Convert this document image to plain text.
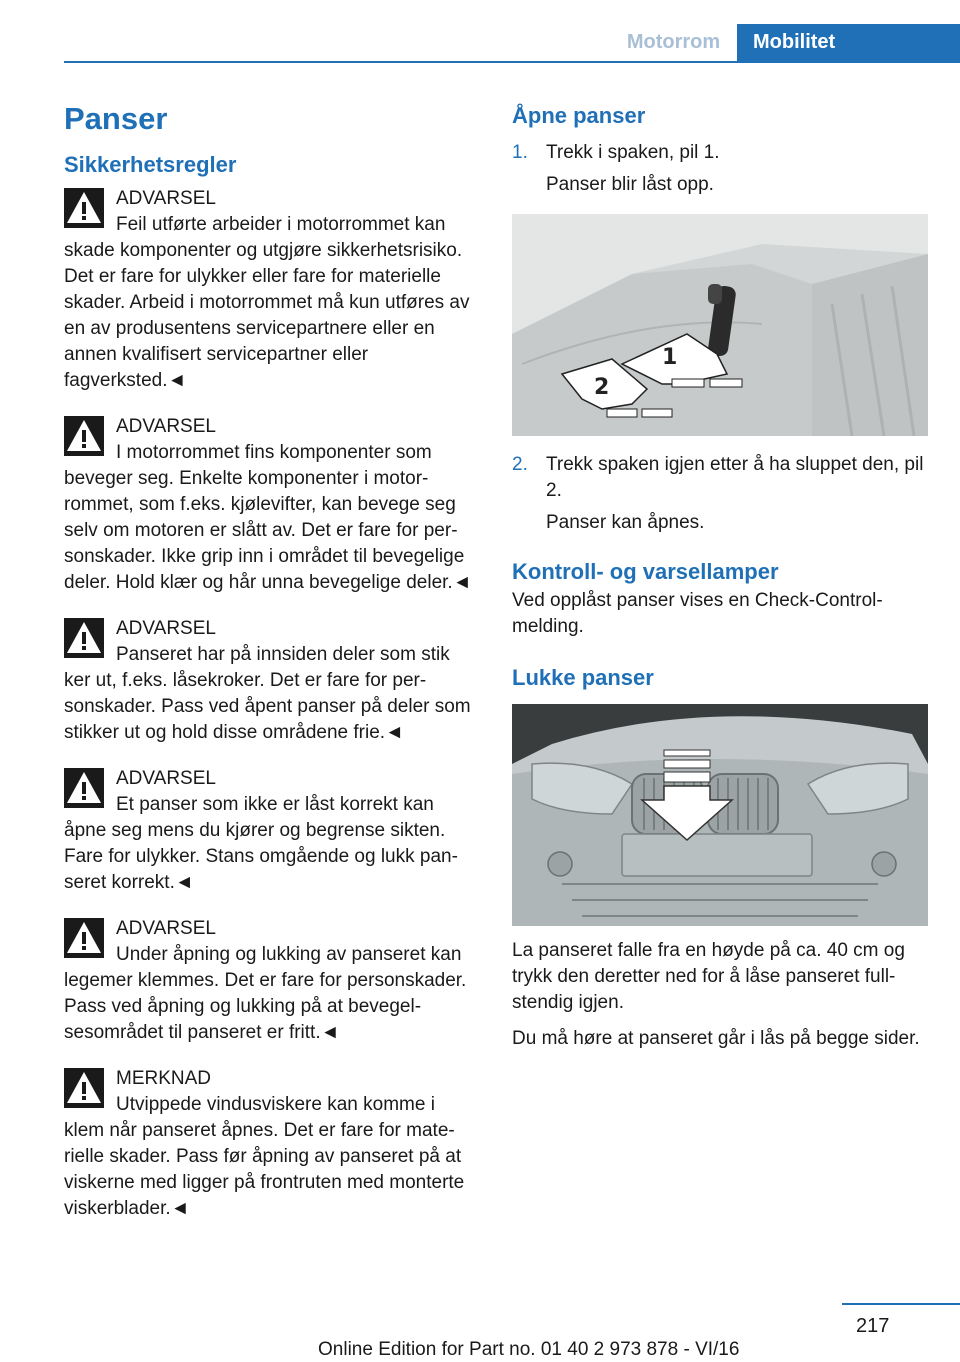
Motorrom	Mobilitet
Panser
Sikkerhetsregler

ADVARSEL

Feil utførte arbeider i motorrommet kan

skade komponenter og utgjøre sikkerhetsrisiko. Det er fare for ulykker eller fare for materielle skader. Arbeid i motorrommet må kun utføres av en av produsentens servicepartnere eller en annen kvalifisert servicepartner eller fagverksted.◄

ADVARSEL

I motorrommet fins komponenter som

beveger seg. Enkelte komponenter i motorrommet, som f.eks. kjølevifter, kan bevege seg selv om motoren er slått av. Det er fare for personskader. Ikke grip inn i området til bevegelige deler. Hold klær og hår unna bevegelige deler.◄

ADVARSEL

Panseret har på innsiden deler som stik

ker ut, f.eks. låsekroker. Det er fare for personskader. Pass ved åpent panser på deler som stikker ut og hold disse områdene frie.◄

ADVARSEL

Et panser som ikke er låst korrekt kan

åpne seg mens du kjører og begrense sikten. Fare for ulykker. Stans omgående og lukk panseret korrekt.◄

ADVARSEL

Under åpning og lukking av panseret kan

legemer klemmes. Det er fare for personskader. Pass ved åpning og lukking på at bevegelsesområdet til panseret er fritt.◄

MERKNAD

Utvippede vindusviskere kan komme i

klem når panseret åpnes. Det er fare for materielle skader. Pass før åpning av panseret på at viskerne med ligger på frontruten med monterte viskerblader.◄

Åpne panser
1. Trekk i spaken, pil 1.

Panser blir låst opp.

1
2
2. Trekk spaken igjen etter å ha sluppet den, pil 2.

Panser kan åpnes.

Kontroll- og varsellamper

Ved opplåst panser vises en Check-Control-melding.

Lukke panser

La panseret falle fra en høyde på ca. 40 cm og trykk den deretter ned for å låse panseret fullstendig igjen.

Du må høre at panseret går i lås på begge sider.

217
Online Edition for Part no. 01 40 2 973 878 - VI/16
